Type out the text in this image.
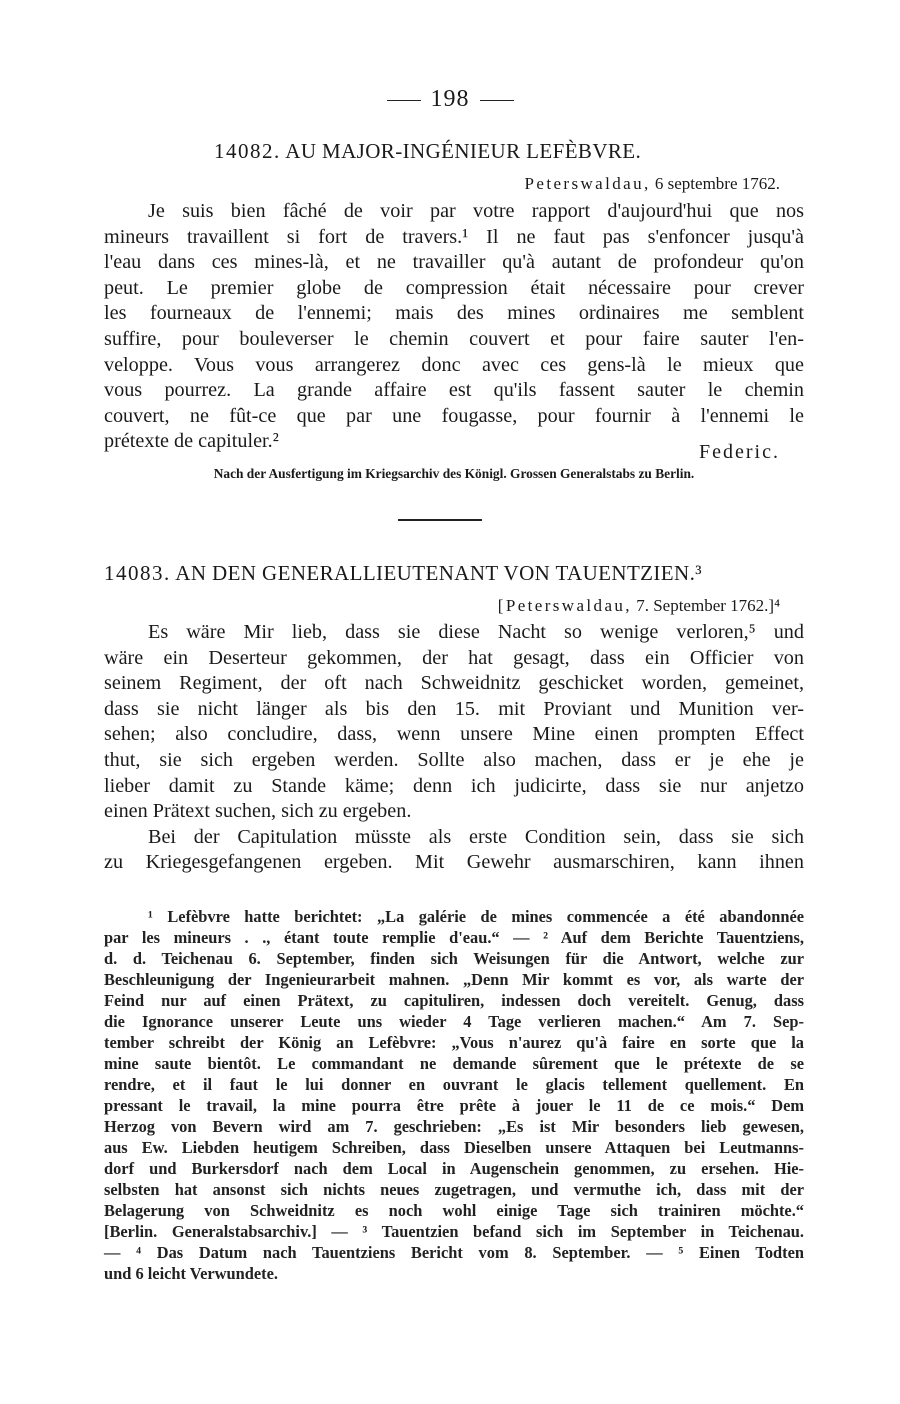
198
14082. AU MAJOR-INGÉNIEUR LEFÈBVRE.
Peterswaldau, 6 septembre 1762.
Je suis bien fâché de voir par votre rapport d'aujourd'hui que nos
mineurs travaillent si fort de travers.¹ Il ne faut pas s'enfoncer jusqu'à
l'eau dans ces mines-là, et ne travailler qu'à autant de profondeur qu'on
peut. Le premier globe de compression était nécessaire pour crever
les fourneaux de l'ennemi; mais des mines ordinaires me semblent
suffire, pour bouleverser le chemin couvert et pour faire sauter l'en-
veloppe. Vous vous arrangerez donc avec ces gens-là le mieux que
vous pourrez. La grande affaire est qu'ils fassent sauter le chemin
couvert, ne fût-ce que par une fougasse, pour fournir à l'ennemi le
prétexte de capituler.²	Federic.
Nach der Ausfertigung im Kriegsarchiv des Königl. Grossen Generalstabs zu Berlin.
14083. AN DEN GENERALLIEUTENANT VON TAUENTZIEN.³
[Peterswaldau, 7. September 1762.]⁴
Es wäre Mir lieb, dass sie diese Nacht so wenige verloren,⁵ und
wäre ein Deserteur gekommen, der hat gesagt, dass ein Officier von
seinem Regiment, der oft nach Schweidnitz geschicket worden, gemeinet,
dass sie nicht länger als bis den 15. mit Proviant und Munition ver-
sehen; also concludire, dass, wenn unsere Mine einen prompten Effect
thut, sie sich ergeben werden. Sollte also machen, dass er je ehe je
lieber damit zu Stande käme; denn ich judicirte, dass sie nur anjetzo
einen Prätext suchen, sich zu ergeben.
Bei der Capitulation müsste als erste Condition sein, dass sie sich
zu Kriegesgefangenen ergeben. Mit Gewehr ausmarschiren, kann ihnen
¹ Lefèbvre hatte berichtet: „La galérie de mines commencée a été abandonnée
par les mineurs . ., étant toute remplie d'eau.“ — ² Auf dem Berichte Tauentziens,
d. d. Teichenau 6. September, finden sich Weisungen für die Antwort, welche zur
Beschleunigung der Ingenieurarbeit mahnen. „Denn Mir kommt es vor, als warte der
Feind nur auf einen Prätext, zu capituliren, indessen doch vereitelt. Genug, dass
die Ignorance unserer Leute uns wieder 4 Tage verlieren machen.“ Am 7. Sep-
tember schreibt der König an Lefèbvre: „Vous n'aurez qu'à faire en sorte que la
mine saute bientôt. Le commandant ne demande sûrement que le prétexte de se
rendre, et il faut le lui donner en ouvrant le glacis tellement quellement. En
pressant le travail, la mine pourra être prête à jouer le 11 de ce mois.“ Dem
Herzog von Bevern wird am 7. geschrieben: „Es ist Mir besonders lieb gewesen,
aus Ew. Liebden heutigem Schreiben, dass Dieselben unsere Attaquen bei Leutmanns-
dorf und Burkersdorf nach dem Local in Augenschein genommen, zu ersehen. Hie-
selbsten hat ansonst sich nichts neues zugetragen, und vermuthe ich, dass mit der
Belagerung von Schweidnitz es noch wohl einige Tage sich trainiren möchte.“
[Berlin. Generalstabsarchiv.] — ³ Tauentzien befand sich im September in Teichenau.
— ⁴ Das Datum nach Tauentziens Bericht vom 8. September. — ⁵ Einen Todten
und 6 leicht Verwundete.
